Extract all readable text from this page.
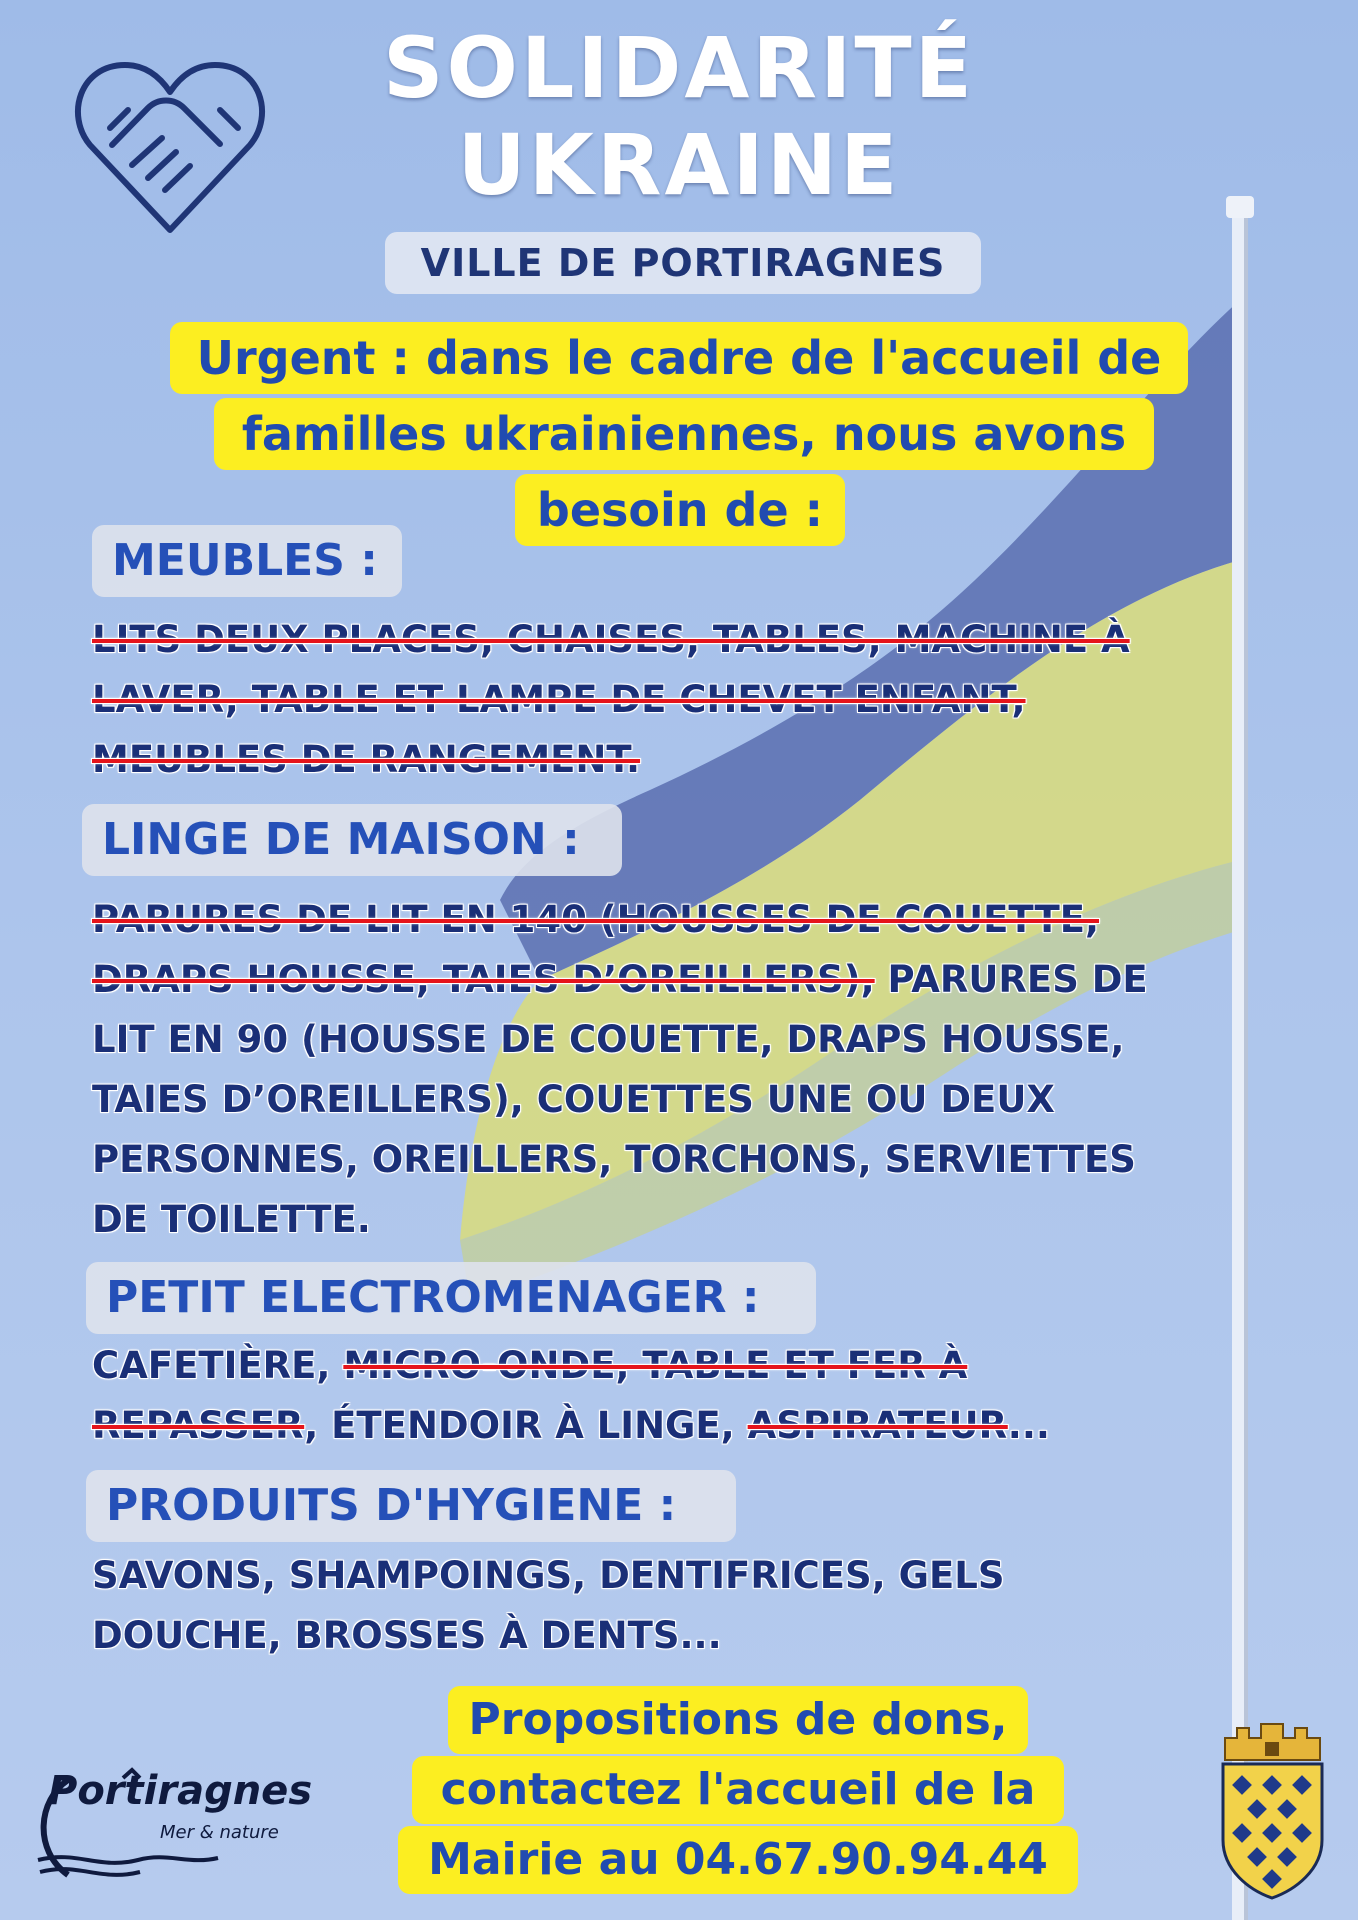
SOLIDARITÉ
UKRAINE
VILLE DE PORTIRAGNES
Urgent : dans le cadre de l'accueil de
familles ukrainiennes, nous avons
besoin de :
MEUBLES :
LITS DEUX PLACES, CHAISES, TABLES, MACHINE À
LAVER, TABLE ET LAMPE DE CHEVET ENFANT,
MEUBLES DE RANGEMENT.
LINGE DE MAISON :
PARURES DE LIT EN 140 (HOUSSES DE COUETTE,
DRAPS HOUSSE, TAIES D’OREILLERS), PARURES DE
LIT EN 90 (HOUSSE DE COUETTE, DRAPS HOUSSE,
TAIES D’OREILLERS), COUETTES UNE OU DEUX
PERSONNES, OREILLERS, TORCHONS, SERVIETTES
DE TOILETTE.
PETIT ELECTROMENAGER :
CAFETIÈRE, MICRO-ONDE, TABLE ET FER À
REPASSER, ÉTENDOIR À LINGE, ASPIRATEUR...
PRODUITS D'HYGIENE :
SAVONS, SHAMPOINGS, DENTIFRICES, GELS
DOUCHE, BROSSES À DENTS...
Propositions de dons,
contactez l'accueil de la
Mairie au 04.67.90.94.44
Portiragnes
Mer & nature
